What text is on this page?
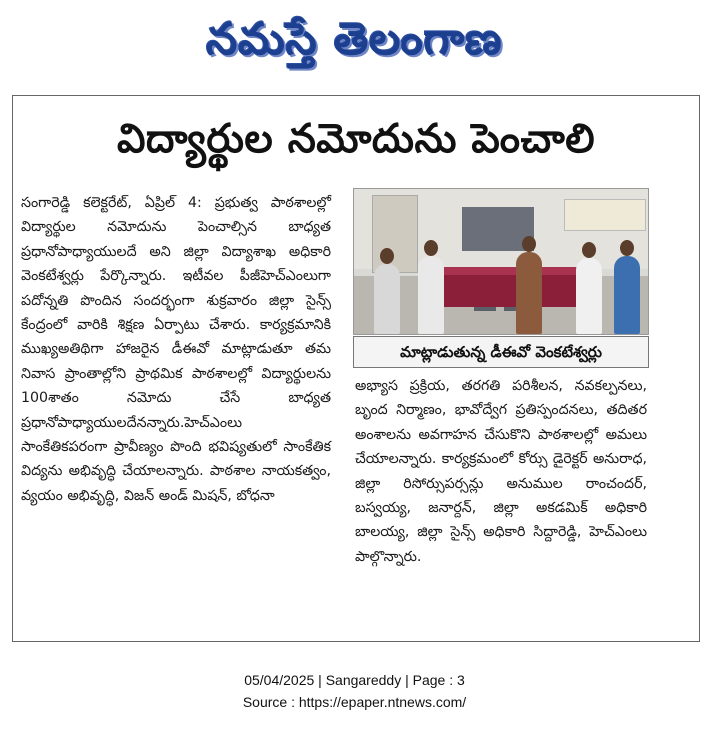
నమస్తే తెలంగాణ
విద్యార్థుల నమోదును పెంచాలి
సంగారెడ్డి కలెక్టరేట్, ఏప్రిల్ 4: ప్రభుత్వ పాఠశాలల్లో విద్యార్థుల నమోదును పెంచాల్సిన బాధ్యత ప్రధానోపాధ్యాయులదే అని జిల్లా విద్యాశాఖ అధికారి వెంకటేశ్వర్లు పేర్కొన్నారు. ఇటీవల పీజీహెచ్ఎంలుగా పదోన్నతి పొందిన సందర్భంగా శుక్రవారం జిల్లా సైన్స్ కేంద్రంలో వారికి శిక్షణ ఏర్పాటు చేశారు. కార్యక్రమానికి ముఖ్యఅతిథిగా హాజరైన డీఈవో మాట్లాడుతూ తమ నివాస ప్రాంతాల్లోని ప్రాథమిక పాఠశాలల్లో విద్యార్థులను 100శాతం నమోదు చేసే బాధ్యత ప్రధానోపాధ్యాయులదేనన్నారు.హెచ్ఎంలు సాంకేతికపరంగా ప్రావీణ్యం పొంది భవిష్యతులో సాంకేతిక విద్యను అభివృద్ధి చేయాలన్నారు. పాఠశాల నాయకత్వం, వ్యయం అభివృద్ధి, విజన్ అండ్ మిషన్, బోధనా
మాట్లాడుతున్న డీఈవో వెంకటేశ్వర్లు
అభ్యాస ప్రక్రియ, తరగతి పరిశీలన, నవకల్పనలు, బృంద నిర్మాణం, భావోద్వేగ ప్రతిస్పందనలు, తదితర అంశాలను అవగాహన చేసుకొని పాఠశాలల్లో అమలు చేయాలన్నారు. కార్యక్రమంలో కోర్సు డైరెక్టర్ అనురాధ, జిల్లా రిసోర్సుపర్సన్లు అనుముల రాంచందర్, బస్వయ్య, జనార్దన్, జిల్లా అకడమిక్ అధికారి బాలయ్య, జిల్లా సైన్స్ అధికారి సిద్దారెడ్డి, హెచ్ఎంలు పాల్గొన్నారు.
05/04/2025 | Sangareddy | Page : 3
Source : https://epaper.ntnews.com/
